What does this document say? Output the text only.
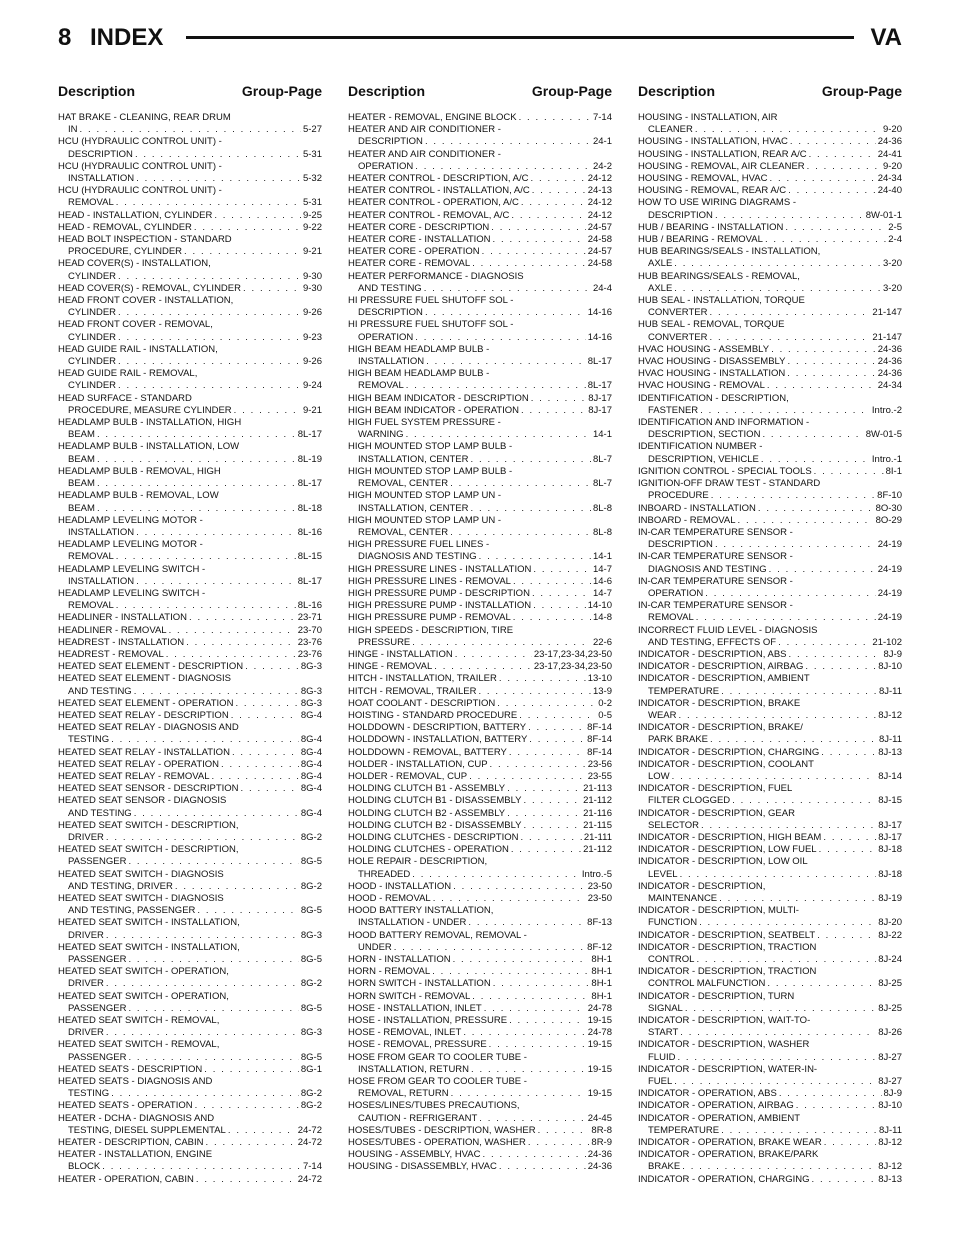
8 INDEX	VA
Description	Group-Page
HAT BRAKE - CLEANING, REAR DRUM
IN . . .	5-27
HCU (HYDRAULIC CONTROL UNIT) -
DESCRIPTION . . .	5-31
HCU (HYDRAULIC CONTROL UNIT) -
INSTALLATION . . .	5-32
HCU (HYDRAULIC CONTROL UNIT) -
REMOVAL . . .	5-31
HEAD - INSTALLATION, CYLINDER . . .	9-25
HEAD - REMOVAL, CYLINDER . . .	9-22
HEAD BOLT INSPECTION - STANDARD
PROCEDURE, CYLINDER . . .	9-21
HEAD COVER(S) - INSTALLATION,
CYLINDER . . .	9-30
HEAD COVER(S) - REMOVAL, CYLINDER . . .	9-30
HEAD FRONT COVER - INSTALLATION,
CYLINDER . . .	9-26
HEAD FRONT COVER - REMOVAL,
CYLINDER . . .	9-23
HEAD GUIDE RAIL - INSTALLATION,
CYLINDER . . .	9-26
HEAD GUIDE RAIL - REMOVAL,
CYLINDER . . .	9-24
HEAD SURFACE - STANDARD
PROCEDURE, MEASURE CYLINDER . . .	9-21
HEADLAMP BULB - INSTALLATION, HIGH
BEAM . . .	8L-17
HEADLAMP BULB - INSTALLATION, LOW
BEAM . . .	8L-19
HEADLAMP BULB - REMOVAL, HIGH
BEAM . . .	8L-17
HEADLAMP BULB - REMOVAL, LOW
BEAM . . .	8L-18
HEADLAMP LEVELING MOTOR -
INSTALLATION . . .	8L-16
HEADLAMP LEVELING MOTOR -
REMOVAL . . .	8L-15
HEADLAMP LEVELING SWITCH -
INSTALLATION . . .	8L-17
HEADLAMP LEVELING SWITCH -
REMOVAL . . .	8L-16
HEADLINER - INSTALLATION . . .	23-71
HEADLINER - REMOVAL . . .	23-70
HEADREST - INSTALLATION . . .	23-76
HEADREST - REMOVAL . . .	23-76
HEATED SEAT ELEMENT - DESCRIPTION . . .	8G-3
HEATED SEAT ELEMENT - DIAGNOSIS
AND TESTING . . .	8G-3
HEATED SEAT ELEMENT - OPERATION . . .	8G-3
HEATED SEAT RELAY - DESCRIPTION . . .	8G-4
HEATED SEAT RELAY - DIAGNOSIS AND
TESTING . . .	8G-4
HEATED SEAT RELAY - INSTALLATION . . .	8G-4
HEATED SEAT RELAY - OPERATION . . .	8G-4
HEATED SEAT RELAY - REMOVAL . . .	8G-4
HEATED SEAT SENSOR - DESCRIPTION . . .	8G-4
HEATED SEAT SENSOR - DIAGNOSIS
AND TESTING . . .	8G-4
HEATED SEAT SWITCH - DESCRIPTION,
DRIVER . . .	8G-2
HEATED SEAT SWITCH - DESCRIPTION,
PASSENGER . . .	8G-5
HEATED SEAT SWITCH - DIAGNOSIS
AND TESTING, DRIVER . . .	8G-2
HEATED SEAT SWITCH - DIAGNOSIS
AND TESTING, PASSENGER . . .	8G-5
HEATED SEAT SWITCH - INSTALLATION,
DRIVER . . .	8G-3
HEATED SEAT SWITCH - INSTALLATION,
PASSENGER . . .	8G-5
HEATED SEAT SWITCH - OPERATION,
DRIVER . . .	8G-2
HEATED SEAT SWITCH - OPERATION,
PASSENGER . . .	8G-5
HEATED SEAT SWITCH - REMOVAL,
DRIVER . . .	8G-3
HEATED SEAT SWITCH - REMOVAL,
PASSENGER . . .	8G-5
HEATED SEATS - DESCRIPTION . . .	8G-1
HEATED SEATS - DIAGNOSIS AND
TESTING . . .	8G-2
HEATED SEATS - OPERATION . . .	8G-2
HEATER - DCHA - DIAGNOSIS AND
TESTING, DIESEL SUPPLEMENTAL . . .	24-72
HEATER - DESCRIPTION, CABIN . . .	24-72
HEATER - INSTALLATION, ENGINE
BLOCK . . .	7-14
HEATER - OPERATION, CABIN . . .	24-72
Description	Group-Page
HEATER - REMOVAL, ENGINE BLOCK . . .	7-14
HEATER AND AIR CONDITIONER -
DESCRIPTION . . .	24-1
HEATER AND AIR CONDITIONER -
OPERATION . . .	24-2
HEATER CONTROL - DESCRIPTION, A/C . . .	24-12
HEATER CONTROL - INSTALLATION, A/C . . .	24-13
HEATER CONTROL - OPERATION, A/C . . .	24-12
HEATER CONTROL - REMOVAL, A/C . . .	24-12
HEATER CORE - DESCRIPTION . . .	24-57
HEATER CORE - INSTALLATION . . .	24-58
HEATER CORE - OPERATION . . .	24-57
HEATER CORE - REMOVAL . . .	24-58
HEATER PERFORMANCE - DIAGNOSIS
AND TESTING . . .	24-4
HI PRESSURE FUEL SHUTOFF SOL -
DESCRIPTION . . .	14-16
HI PRESSURE FUEL SHUTOFF SOL -
OPERATION . . .	14-16
HIGH BEAM HEADLAMP BULB -
INSTALLATION . . .	8L-17
HIGH BEAM HEADLAMP BULB -
REMOVAL . . .	8L-17
HIGH BEAM INDICATOR - DESCRIPTION . . .	8J-17
HIGH BEAM INDICATOR - OPERATION . . .	8J-17
HIGH FUEL SYSTEM PRESSURE -
WARNING . . .	14-1
HIGH MOUNTED STOP LAMP BULB -
INSTALLATION, CENTER . . .	8L-7
HIGH MOUNTED STOP LAMP BULB -
REMOVAL, CENTER . . .	8L-7
HIGH MOUNTED STOP LAMP UN -
INSTALLATION, CENTER . . .	8L-8
HIGH MOUNTED STOP LAMP UN -
REMOVAL, CENTER . . .	8L-8
HIGH PRESSURE FUEL LINES -
DIAGNOSIS AND TESTING . . .	14-1
HIGH PRESSURE LINES - INSTALLATION . . .	14-7
HIGH PRESSURE LINES - REMOVAL . . .	14-6
HIGH PRESSURE PUMP - DESCRIPTION . . .	14-7
HIGH PRESSURE PUMP - INSTALLATION . . .	14-10
HIGH PRESSURE PUMP - REMOVAL . . .	14-8
HIGH SPEEDS - DESCRIPTION, TIRE
PRESSURE . . .	22-6
HINGE - INSTALLATION . . .	23-17,23-34,23-50
HINGE - REMOVAL . . .	23-17,23-34,23-50
HITCH - INSTALLATION, TRAILER . . .	13-10
HITCH - REMOVAL, TRAILER . . .	13-9
HOAT COOLANT - DESCRIPTION . . .	0-2
HOISTING - STANDARD PROCEDURE . . .	0-5
HOLDDOWN - DESCRIPTION, BATTERY . . .	8F-14
HOLDDOWN - INSTALLATION, BATTERY . . .	8F-14
HOLDDOWN - REMOVAL, BATTERY . . .	8F-14
HOLDER - INSTALLATION, CUP . . .	23-56
HOLDER - REMOVAL, CUP . . .	23-55
HOLDING CLUTCH B1 - ASSEMBLY . . .	21-113
HOLDING CLUTCH B1 - DISASSEMBLY . . .	21-112
HOLDING CLUTCH B2 - ASSEMBLY . . .	21-116
HOLDING CLUTCH B2 - DISASSEMBLY . . .	21-115
HOLDING CLUTCHES - DESCRIPTION . . .	21-111
HOLDING CLUTCHES - OPERATION . . .	21-112
HOLE REPAIR - DESCRIPTION,
THREADED . . .	Intro.-5
HOOD - INSTALLATION . . .	23-50
HOOD - REMOVAL . . .	23-50
HOOD BATTERY INSTALLATION,
INSTALLATION - UNDER . . .	8F-13
HOOD BATTERY REMOVAL, REMOVAL -
UNDER . . .	8F-12
HORN - INSTALLATION . . .	8H-1
HORN - REMOVAL . . .	8H-1
HORN SWITCH - INSTALLATION . . .	8H-1
HORN SWITCH - REMOVAL . . .	8H-1
HOSE - INSTALLATION, INLET . . .	24-78
HOSE - INSTALLATION, PRESSURE . . .	19-15
HOSE - REMOVAL, INLET . . .	24-78
HOSE - REMOVAL, PRESSURE . . .	19-15
HOSE FROM GEAR TO COOLER TUBE -
INSTALLATION, RETURN . . .	19-15
HOSE FROM GEAR TO COOLER TUBE -
REMOVAL, RETURN . . .	19-15
HOSES/LINES/TUBES PRECAUTIONS,
CAUTION - REFRIGERANT . . .	24-45
HOSES/TUBES - DESCRIPTION, WASHER . . .	8R-8
HOSES/TUBES - OPERATION, WASHER . . .	8R-9
HOUSING - ASSEMBLY, HVAC . . .	24-36
HOUSING - DISASSEMBLY, HVAC . . .	24-36
Description	Group-Page
HOUSING - INSTALLATION, AIR
CLEANER . . .	9-20
HOUSING - INSTALLATION, HVAC . . .	24-36
HOUSING - INSTALLATION, REAR A/C . . .	24-41
HOUSING - REMOVAL, AIR CLEANER . . .	9-20
HOUSING - REMOVAL, HVAC . . .	24-34
HOUSING - REMOVAL, REAR A/C . . .	24-40
HOW TO USE WIRING DIAGRAMS -
DESCRIPTION . . .	8W-01-1
HUB / BEARING - INSTALLATION . . .	2-5
HUB / BEARING - REMOVAL . . .	2-4
HUB BEARINGS/SEALS - INSTALLATION,
AXLE . . .	3-20
HUB BEARINGS/SEALS - REMOVAL,
AXLE . . .	3-20
HUB SEAL - INSTALLATION, TORQUE
CONVERTER . . .	21-147
HUB SEAL - REMOVAL, TORQUE
CONVERTER . . .	21-147
HVAC HOUSING - ASSEMBLY . . .	24-36
HVAC HOUSING - DISASSEMBLY . . .	24-36
HVAC HOUSING - INSTALLATION . . .	24-36
HVAC HOUSING - REMOVAL . . .	24-34
IDENTIFICATION - DESCRIPTION,
FASTENER . . .	Intro.-2
IDENTIFICATION AND INFORMATION -
DESCRIPTION, SECTION . . .	8W-01-5
IDENTIFICATION NUMBER -
DESCRIPTION, VEHICLE . . .	Intro.-1
IGNITION CONTROL - SPECIAL TOOLS . . .	8I-1
IGNITION-OFF DRAW TEST - STANDARD
PROCEDURE . . .	8F-10
INBOARD - INSTALLATION . . .	8O-30
INBOARD - REMOVAL . . .	8O-29
IN-CAR TEMPERATURE SENSOR -
DESCRIPTION . . .	24-19
IN-CAR TEMPERATURE SENSOR -
DIAGNOSIS AND TESTING . . .	24-19
IN-CAR TEMPERATURE SENSOR -
OPERATION . . .	24-19
IN-CAR TEMPERATURE SENSOR -
REMOVAL . . .	24-19
INCORRECT FLUID LEVEL - DIAGNOSIS
AND TESTING, EFFECTS OF . . .	21-102
INDICATOR - DESCRIPTION, ABS . . .	8J-9
INDICATOR - DESCRIPTION, AIRBAG . . .	8J-10
INDICATOR - DESCRIPTION, AMBIENT
TEMPERATURE . . .	8J-11
INDICATOR - DESCRIPTION, BRAKE
WEAR . . .	8J-12
INDICATOR - DESCRIPTION, BRAKE/
PARK BRAKE . . .	8J-11
INDICATOR - DESCRIPTION, CHARGING . . .	8J-13
INDICATOR - DESCRIPTION, COOLANT
LOW . . .	8J-14
INDICATOR - DESCRIPTION, FUEL
FILTER CLOGGED . . .	8J-15
INDICATOR - DESCRIPTION, GEAR
SELECTOR . . .	8J-17
INDICATOR - DESCRIPTION, HIGH BEAM . . .	8J-17
INDICATOR - DESCRIPTION, LOW FUEL . . .	8J-18
INDICATOR - DESCRIPTION, LOW OIL
LEVEL . . .	8J-18
INDICATOR - DESCRIPTION,
MAINTENANCE . . .	8J-19
INDICATOR - DESCRIPTION, MULTI-
FUNCTION . . .	8J-20
INDICATOR - DESCRIPTION, SEATBELT . . .	8J-22
INDICATOR - DESCRIPTION, TRACTION
CONTROL . . .	8J-24
INDICATOR - DESCRIPTION, TRACTION
CONTROL MALFUNCTION . . .	8J-25
INDICATOR - DESCRIPTION, TURN
SIGNAL . . .	8J-25
INDICATOR - DESCRIPTION, WAIT-TO-
START . . .	8J-26
INDICATOR - DESCRIPTION, WASHER
FLUID . . .	8J-27
INDICATOR - DESCRIPTION, WATER-IN-
FUEL . . .	8J-27
INDICATOR - OPERATION, ABS . . .	8J-9
INDICATOR - OPERATION, AIRBAG . . .	8J-10
INDICATOR - OPERATION, AMBIENT
TEMPERATURE . . .	8J-11
INDICATOR - OPERATION, BRAKE WEAR . . .	8J-12
INDICATOR - OPERATION, BRAKE/PARK
BRAKE . . .	8J-12
INDICATOR - OPERATION, CHARGING . . .	8J-13
